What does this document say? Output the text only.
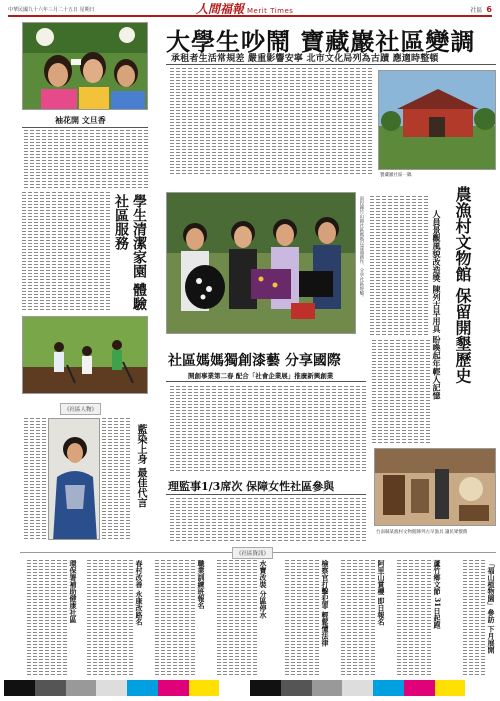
中華民國九十六年三月二十五日 星期日	社區 6
人間福報 Merit Times
袖花開 文旦香
學生清潔家園 體驗社區服務
《社區人物》
藍染上身 最佳代言
大學生吵鬧 寶藏巖社區變調
承租者生活常規差 嚴重影響安寧 北市文化局列為古蹟 應適時整頓
寶藏巖社區一隅
南投縣竹山鎮社區媽媽以漆器創作，分享社區經驗。	人員景觀風貌改造獎 陳列古早用具 盼喚起年輕人記憶 農漁村文物館 保留開墾歷史
社區媽媽獨創漆藝 分享國際
開創事業第二春 配合「社會企業展」推廣新興創業
理監事1/3席次 保障女性社區參與
台南縣某漁村文物館陳列古早漁具 讓民眾懷舊
《社區資訊》
環保署補助健康社區	春村改善 永康改路名	職業訓練班報名	水寶改裝 分區停水	檢察官打擊犯罪 輕鬆懂法律	阿里山賞櫻 即日報名	蘆竹鄉文節 31日起跑	「福山植物園」參訪 下月展開
